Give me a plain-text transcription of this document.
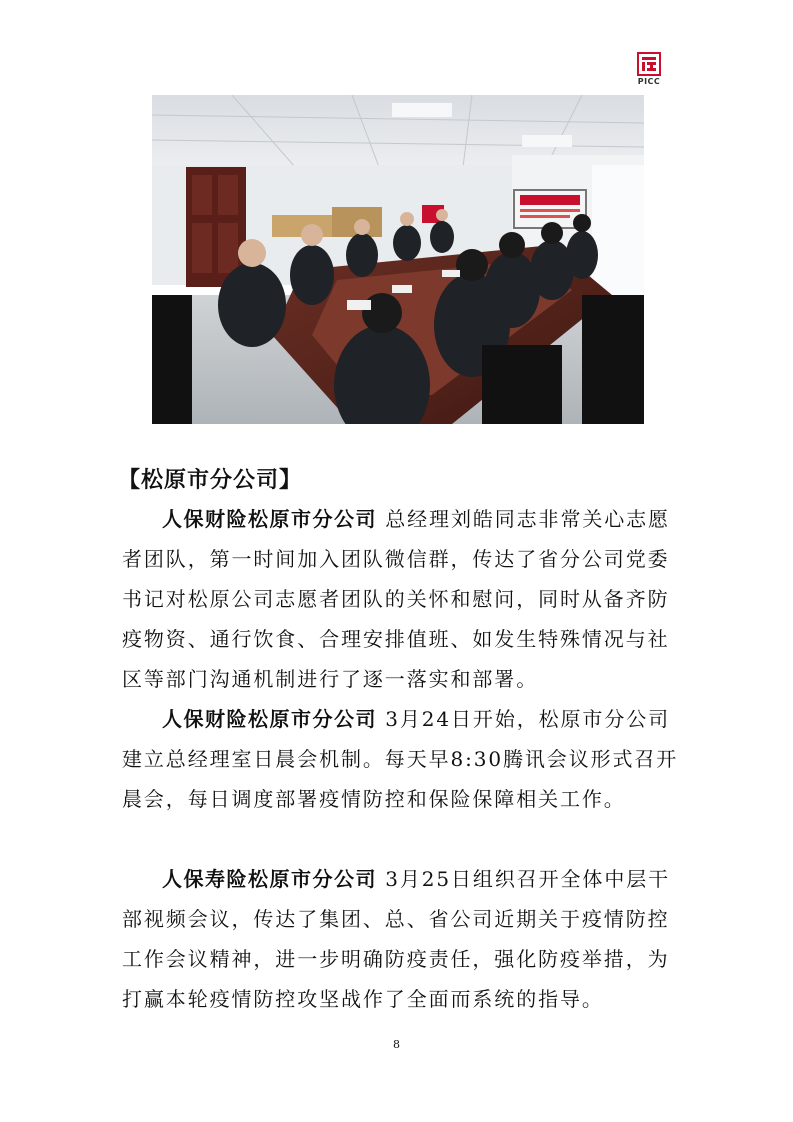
PICC
【松原市分公司】

人保财险松原市分公司 总经理刘皓同志非常关心志愿者团队，第一时间加入团队微信群，传达了省分公司党委书记对松原公司志愿者团队的关怀和慰问，同时从备齐防疫物资、通行饮食、合理安排值班、如发生特殊情况与社区等部门沟通机制进行了逐一落实和部署。

人保财险松原市分公司 3月24日开始，松原市分公司建立总经理室日晨会机制。每天早8:30腾讯会议形式召开晨会，每日调度部署疫情防控和保险保障相关工作。

人保寿险松原市分公司 3月25日组织召开全体中层干部视频会议，传达了集团、总、省公司近期关于疫情防控工作会议精神，进一步明确防疫责任，强化防疫举措，为打赢本轮疫情防控攻坚战作了全面而系统的指导。

8
